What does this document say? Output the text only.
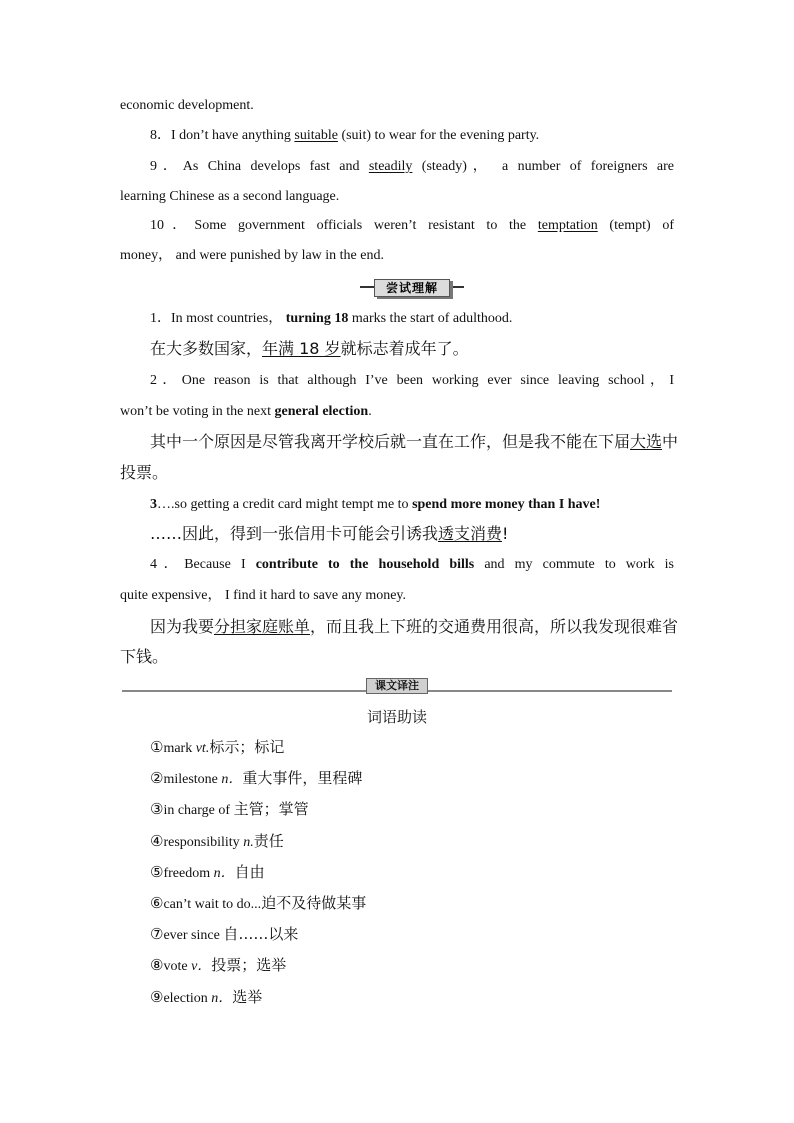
economic development.
8．I don’t have anything suitable (suit) to wear for the evening party.
9．As China develops fast and steadily (steady)， a number of foreigners are
learning Chinese as a second language.
10．Some government officials weren’t resistant to the temptation (tempt) of
money， and were punished by law in the end.
尝试理解
1．In most countries， turning 18 marks the start of adulthood.
在大多数国家，年满 18 岁就标志着成年了。
2．One reason is that although I’ve been working ever since leaving school，I
won’t be voting in the next general election.
其中一个原因是尽管我离开学校后就一直在工作，但是我不能在下届大选中
投票。
3….so getting a credit card might tempt me to spend more money than I have!
……因此，得到一张信用卡可能会引诱我透支消费!
4．Because I contribute to the household bills and my commute to work is
quite expensive， I find it hard to save any money.
因为我要分担家庭账单，而且我上下班的交通费用很高，所以我发现很难省
下钱。
课文译注
词语助读
①mark vt.标示；标记
②milestone n．重大事件，里程碑
③in charge of 主管；掌管
④responsibility n.责任
⑤freedom n．自由
⑥can’t wait to do...迫不及待做某事
⑦ever since 自……以来
⑧vote v．投票；选举
⑨election n．选举
